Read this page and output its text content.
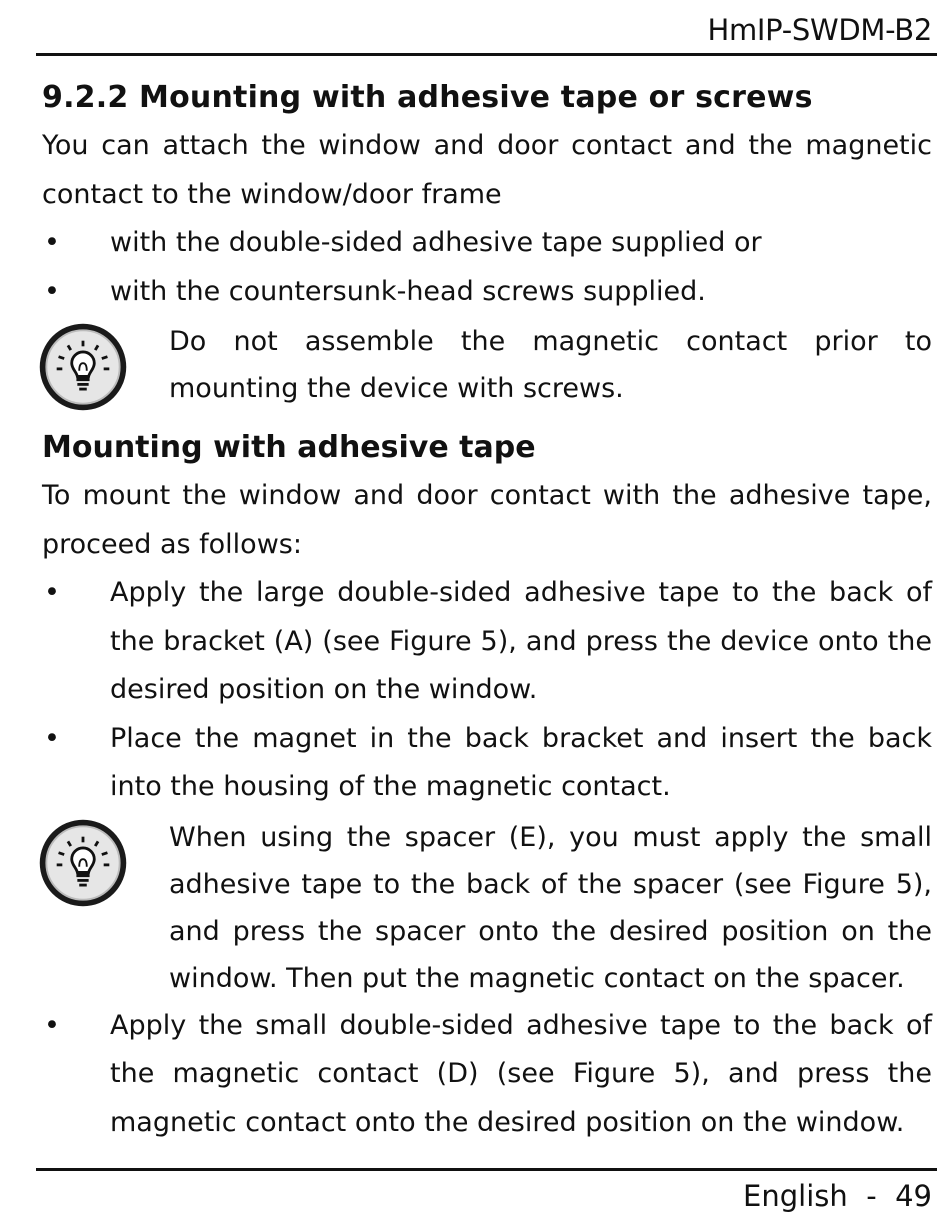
HmIP-SWDM-B2
9.2.2 Mounting with adhesive tape or screws

You can attach the window and door contact and the magnetic contact to the window/door frame

• with the double-sided adhesive tape supplied or
• with the countersunk-head screws supplied.
Do not assemble the magnetic contact prior to mounting the device with screws.
Mounting with adhesive tape

To mount the window and door contact with the adhesive tape, proceed as follows:

• Apply the large double-sided adhesive tape to the back of the bracket (A) (see Figure 5), and press the device onto the desired position on the window.
• Place the magnet in the back bracket and insert the back into the housing of the magnetic contact.
When using the spacer (E), you must apply the small adhesive tape to the back of the spacer (see Figure 5), and press the spacer onto the desired position on the window. Then put the magnetic contact on the spacer.
• Apply the small double-sided adhesive tape to the back of the magnetic contact (D) (see Figure 5), and press the magnetic contact onto the desired position on the window.
English  -  49
